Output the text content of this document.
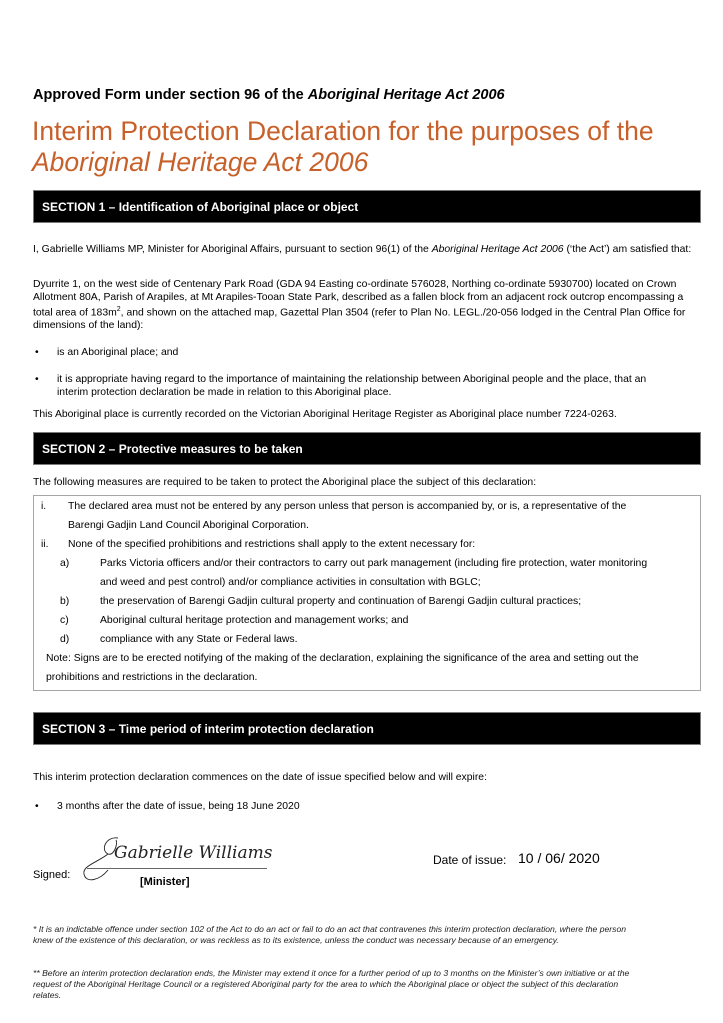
Approved Form under section 96 of the Aboriginal Heritage Act 2006
Interim Protection Declaration for the purposes of the
Aboriginal Heritage Act 2006
SECTION 1 – Identification of Aboriginal place or object
I, Gabrielle Williams MP, Minister for Aboriginal Affairs, pursuant to section 96(1) of the Aboriginal Heritage Act 2006 (‘the Act’) am satisfied that:
Dyurrite 1, on the west side of Centenary Park Road (GDA 94 Easting co-ordinate 576028, Northing co-ordinate 5930700) located on Crown Allotment 80A, Parish of Arapiles, at Mt Arapiles-Tooan State Park, described as a fallen block from an adjacent rock outcrop encompassing a total area of $183m^2$, and shown on the attached map, Gazettal Plan 3504 (refer to Plan No. LEGL./20-056 lodged in the Central Plan Office for dimensions of the land):
•	is an Aboriginal place; and
•	it is appropriate having regard to the importance of maintaining the relationship between Aboriginal people and the place, that an interim protection declaration be made in relation to this Aboriginal place.
This Aboriginal place is currently recorded on the Victorian Aboriginal Heritage Register as Aboriginal place number 7224-0263.
SECTION 2 – Protective measures to be taken
The following measures are required to be taken to protect the Aboriginal place the subject of this declaration:
i.	The declared area must not be entered by any person unless that person is accompanied by, or is, a representative of the
Barengi Gadjin Land Council Aboriginal Corporation.
ii.	None of the specified prohibitions and restrictions shall apply to the extent necessary for:
a)	Parks Victoria officers and/or their contractors to carry out park management (including fire protection, water monitoring
and weed and pest control) and/or compliance activities in consultation with BGLC;
b)	the preservation of Barengi Gadjin cultural property and continuation of Barengi Gadjin cultural practices;
c)	Aboriginal cultural heritage protection and management works; and
d)	compliance with any State or Federal laws.
Note: Signs are to be erected notifying of the making of the declaration, explaining the significance of the area and setting out the
prohibitions and restrictions in the declaration.
SECTION 3 – Time period of interim protection declaration
This interim protection declaration commences on the date of issue specified below and will expire:
•	3 months after the date of issue, being 18 June 2020
Signed:
Gabrielle Williams
[Minister]
Date of issue: 10 / 06/ 2020
* It is an indictable offence under section 102 of the Act to do an act or fail to do an act that contravenes this interim protection declaration, where the person knew of the existence of this declaration, or was reckless as to its existence, unless the conduct was necessary because of an emergency.
** Before an interim protection declaration ends, the Minister may extend it once for a further period of up to 3 months on the Minister’s own initiative or at the request of the Aboriginal Heritage Council or a registered Aboriginal party for the area to which the Aboriginal place or object the subject of this declaration relates.
